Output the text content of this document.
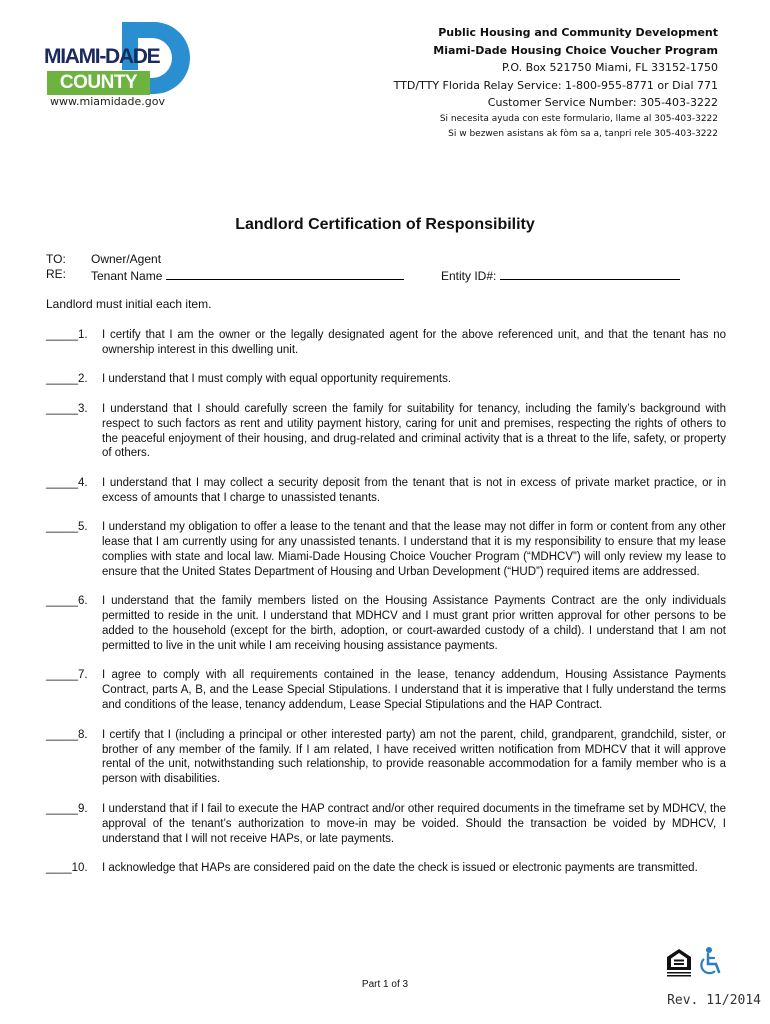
MIAMI-DADE
COUNTY
www.miamidade.gov
Public Housing and Community Development
Miami-Dade Housing Choice Voucher Program
P.O. Box 521750 Miami, FL 33152-1750
TTD/TTY Florida Relay Service: 1-800-955-8771 or Dial 771
Customer Service Number: 305-403-3222
Si necesita ayuda con este formulario, llame al 305-403-3222
Si w bezwen asistans ak fòm sa a, tanpri rele 305-403-3222
Landlord Certification of Responsibility
TO: Owner/Agent
RE: Tenant Name	Entity ID#:
Landlord must initial each item.
_____1. I certify that I am the owner or the legally designated agent for the above referenced unit, and that the tenant has no ownership interest in this dwelling unit.
_____2. I understand that I must comply with equal opportunity requirements.
_____3. I understand that I should carefully screen the family for suitability for tenancy, including the family’s background with respect to such factors as rent and utility payment history, caring for unit and premises, respecting the rights of others to the peaceful enjoyment of their housing, and drug-related and criminal activity that is a threat to the life, safety, or property of others.
_____4. I understand that I may collect a security deposit from the tenant that is not in excess of private market practice, or in excess of amounts that I charge to unassisted tenants.
_____5. I understand my obligation to offer a lease to the tenant and that the lease may not differ in form or content from any other lease that I am currently using for any unassisted tenants. I understand that it is my responsibility to ensure that my lease complies with state and local law. Miami-Dade Housing Choice Voucher Program (“MDHCV”) will only review my lease to ensure that the United States Department of Housing and Urban Development (“HUD”) required items are addressed.
_____6. I understand that the family members listed on the Housing Assistance Payments Contract are the only individuals permitted to reside in the unit. I understand that MDHCV and I must grant prior written approval for other persons to be added to the household (except for the birth, adoption, or court-awarded custody of a child). I understand that I am not permitted to live in the unit while I am receiving housing assistance payments.
_____7. I agree to comply with all requirements contained in the lease, tenancy addendum, Housing Assistance Payments Contract, parts A, B, and the Lease Special Stipulations. I understand that it is imperative that I fully understand the terms and conditions of the lease, tenancy addendum, Lease Special Stipulations and the HAP Contract.
_____8. I certify that I (including a principal or other interested party) am not the parent, child, grandparent, grandchild, sister, or brother of any member of the family. If I am related, I have received written notification from MDHCV that it will approve rental of the unit, notwithstanding such relationship, to provide reasonable accommodation for a family member who is a person with disabilities.
_____9. I understand that if I fail to execute the HAP contract and/or other required documents in the timeframe set by MDHCV, the approval of the tenant’s authorization to move-in may be voided. Should the transaction be voided by MDHCV, I understand that I will not receive HAPs, or late payments.
____10. I acknowledge that HAPs are considered paid on the date the check is issued or electronic payments are transmitted.
Part 1 of 3
Rev. 11/2014
